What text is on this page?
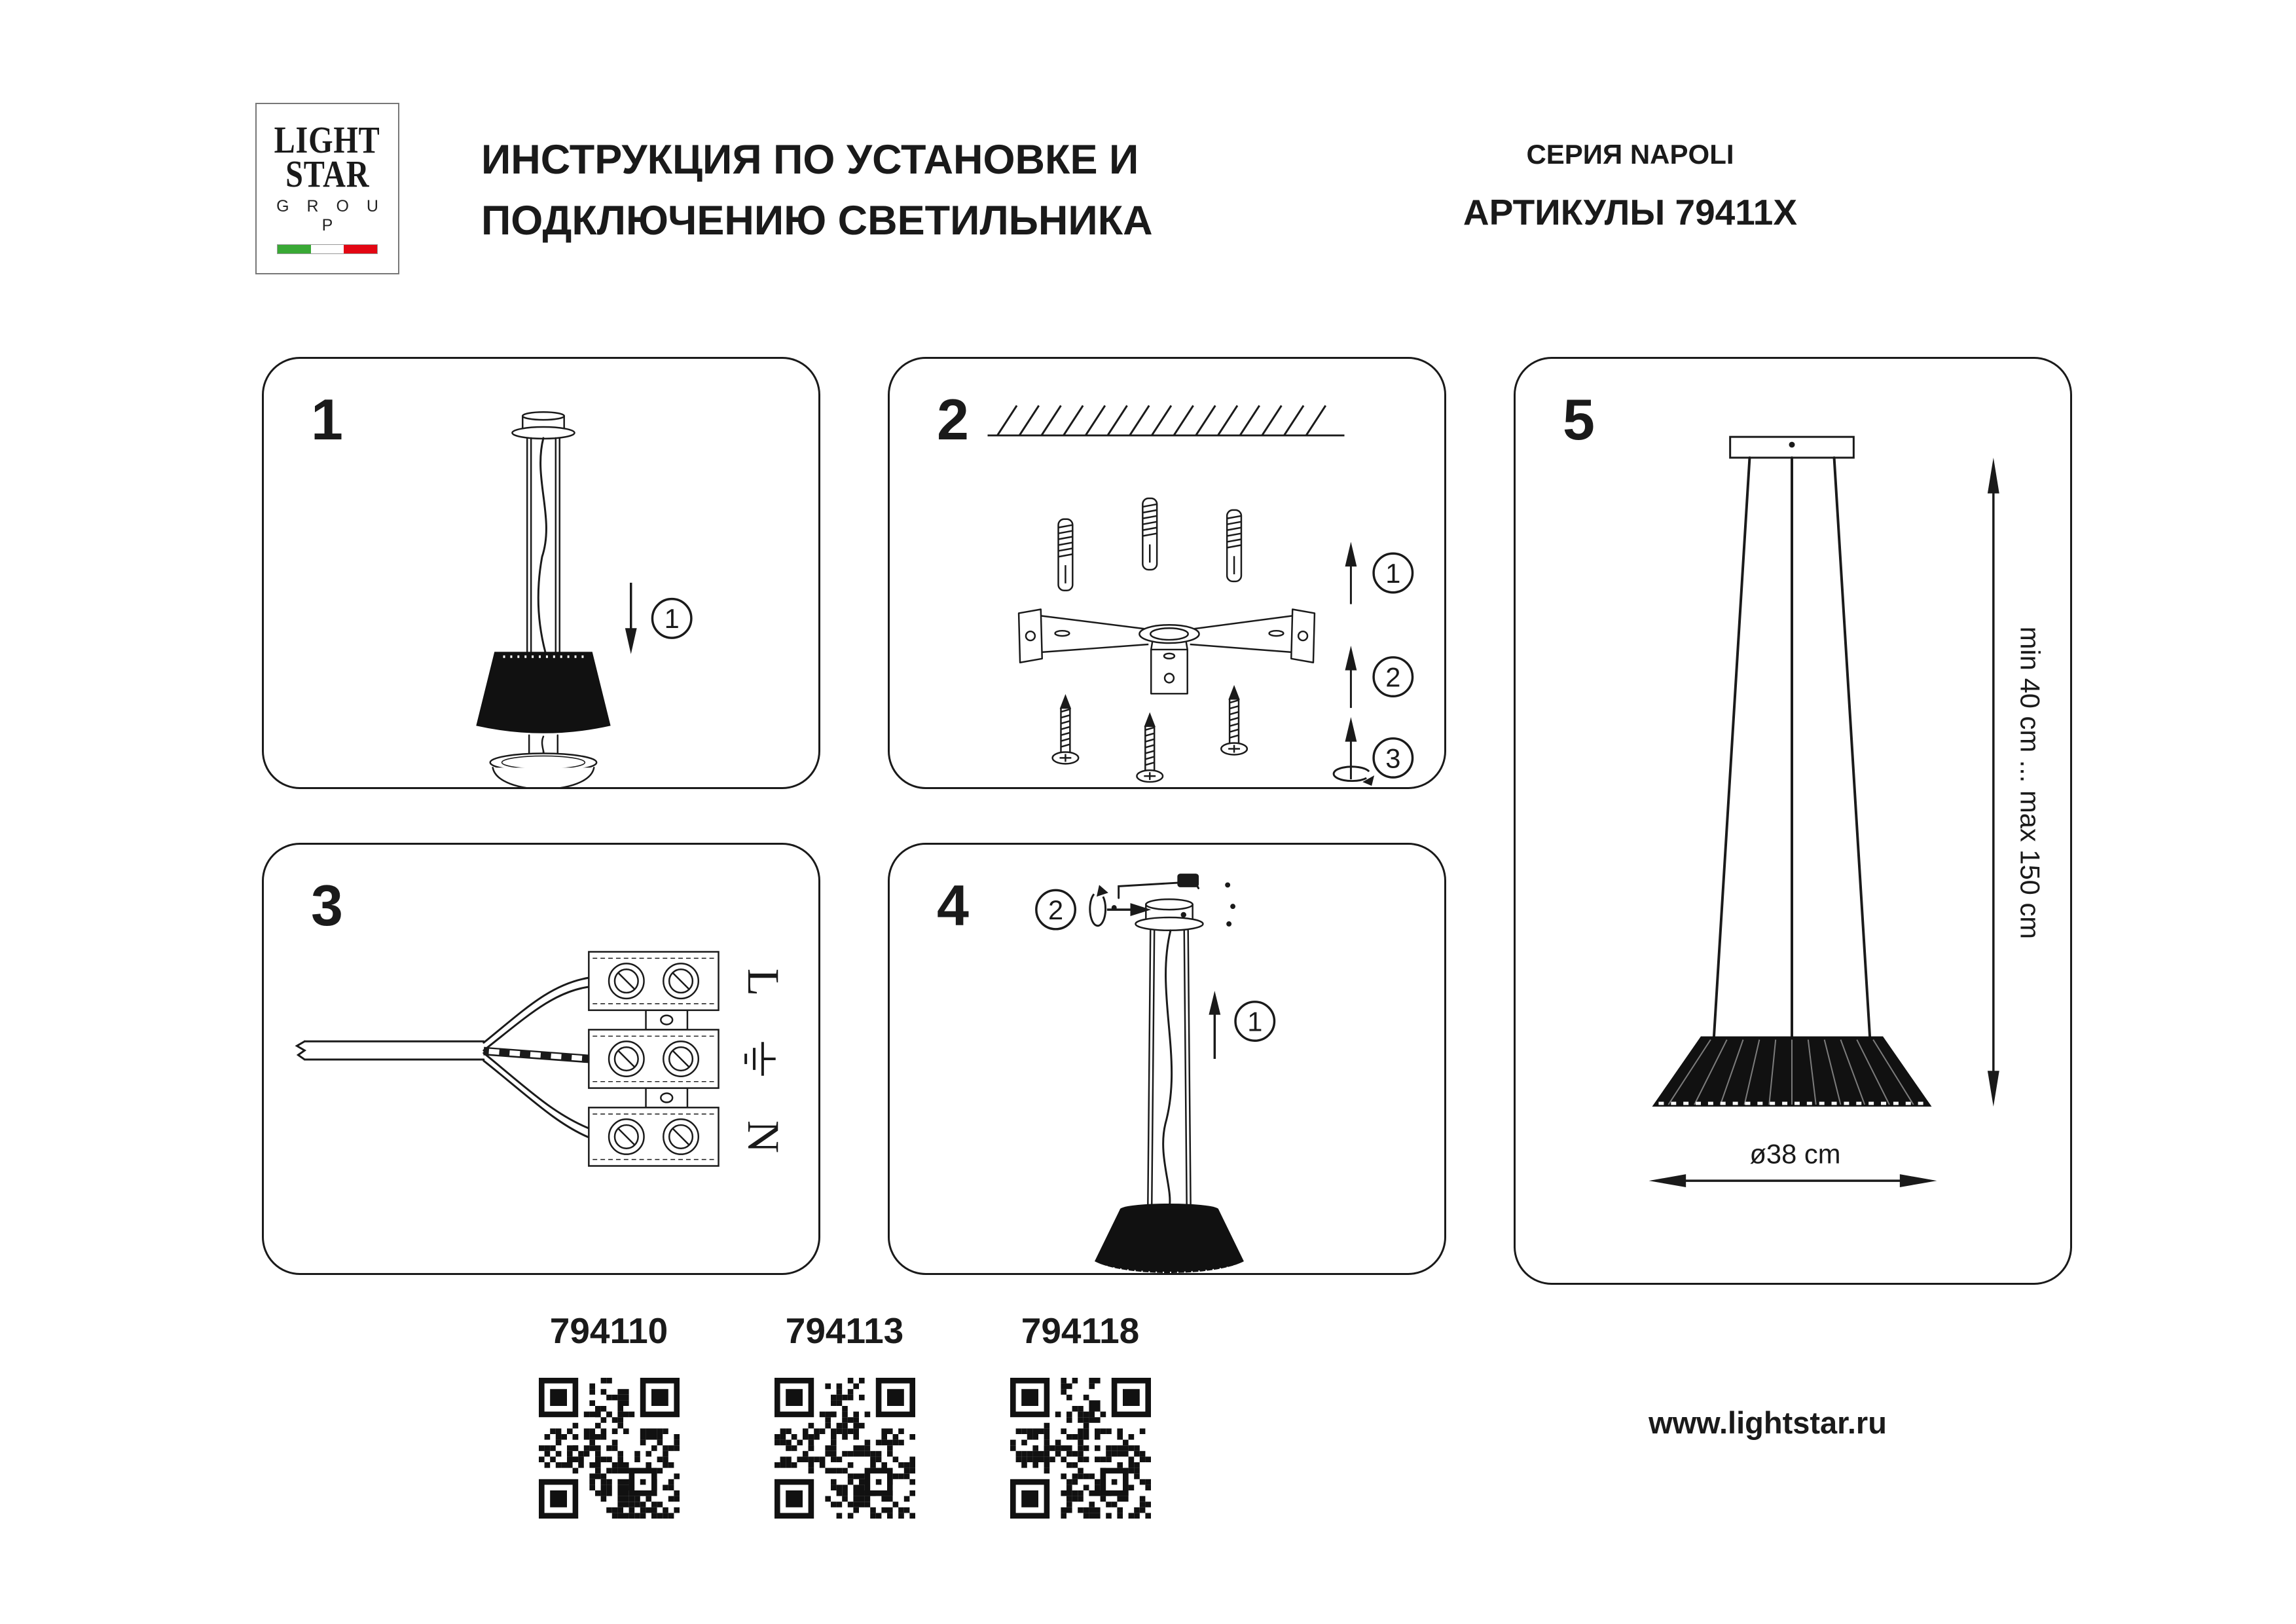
LIGHT
STAR
G R O U P
ИНСТРУКЦИЯ ПО УСТАНОВКЕ И
ПОДКЛЮЧЕНИЮ СВЕТИЛЬНИКА
СЕРИЯ NAPOLI
АРТИКУЛЫ 79411X
1
1
2
1
2
3
3
L
N
4	2
1
5
min 40 cm ... max 150 cm
ø38 cm
794110	794113	794118
www.lightstar.ru
